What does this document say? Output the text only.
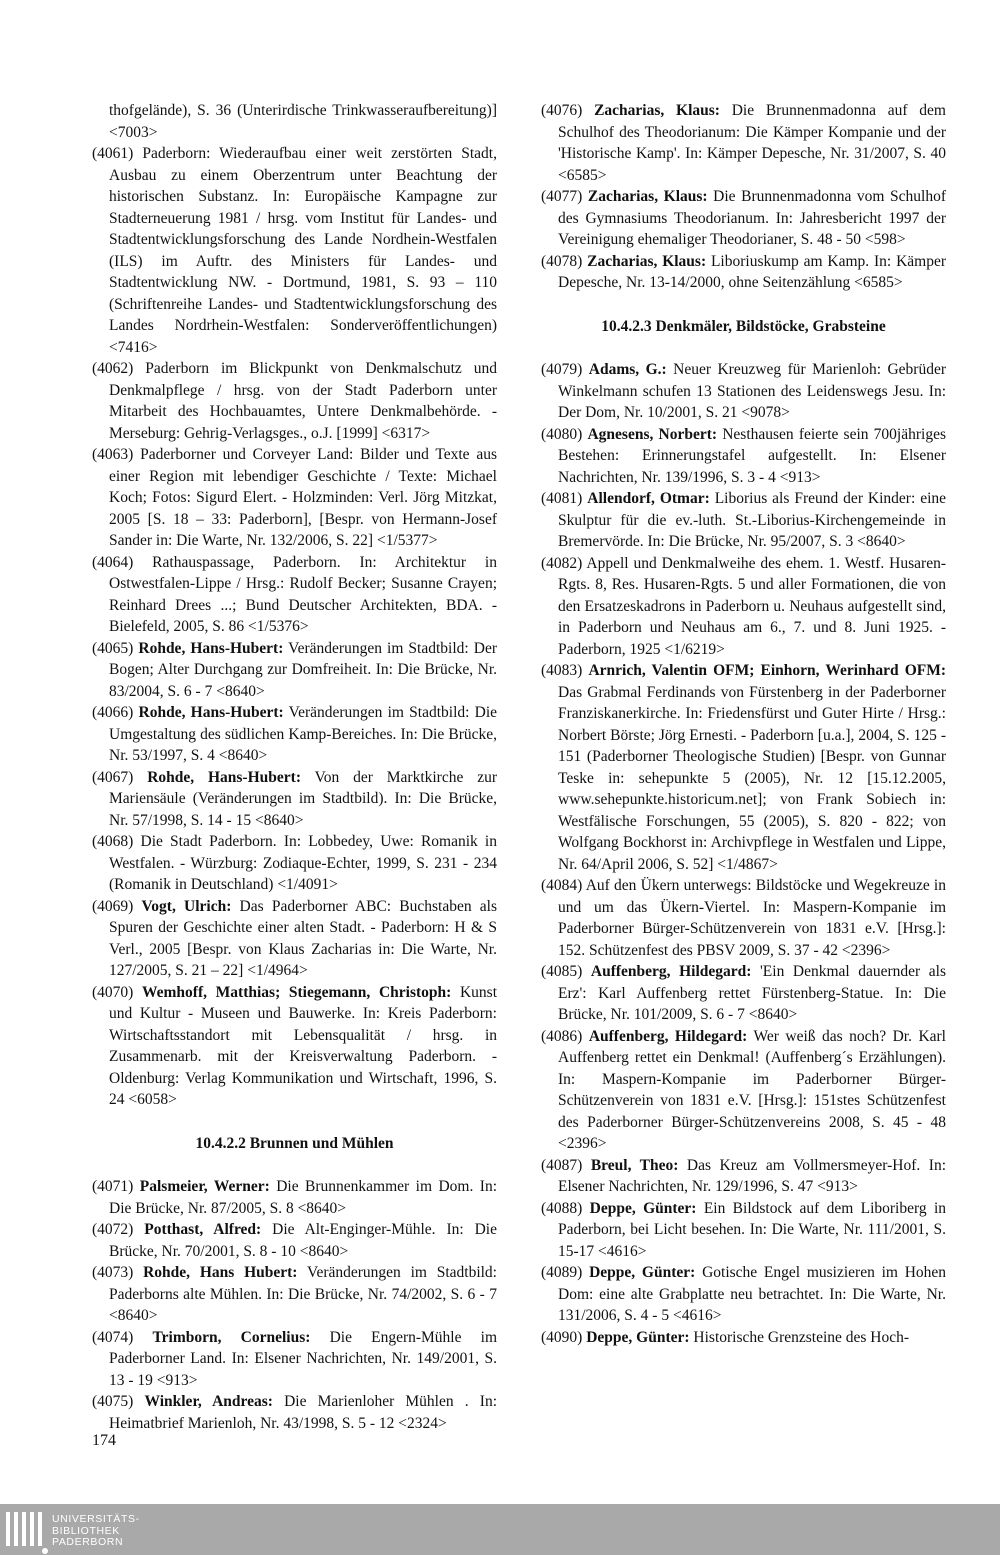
thofgelände), S. 36 (Unterirdische Trinkwasseraufbereitung)] <7003>

(4061) Paderborn: Wiederaufbau einer weit zerstörten Stadt, Ausbau zu einem Oberzentrum unter Beachtung der historischen Substanz. In: Europäische Kampagne zur Stadterneuerung 1981 / hrsg. vom Institut für Landes- und Stadtentwicklungsforschung des Lande Nordhein-Westfalen (ILS) im Auftr. des Ministers für Landes- und Stadtentwicklung NW. - Dortmund, 1981, S. 93 – 110 (Schriftenreihe Landes- und Stadtentwicklungsforschung des Landes Nordrhein-Westfalen: Sonderveröffentlichungen) <7416>

(4062) Paderborn im Blickpunkt von Denkmalschutz und Denkmalpflege / hrsg. von der Stadt Paderborn unter Mitarbeit des Hochbauamtes, Untere Denkmalbehörde. - Merseburg: Gehrig-Verlagsges., o.J. [1999] <6317>

(4063) Paderborner und Corveyer Land: Bilder und Texte aus einer Region mit lebendiger Geschichte / Texte: Michael Koch; Fotos: Sigurd Elert. - Holzminden: Verl. Jörg Mitzkat, 2005 [S. 18 – 33: Paderborn], [Bespr. von Hermann-Josef Sander in: Die Warte, Nr. 132/2006, S. 22] <1/5377>

(4064) Rathauspassage, Paderborn. In: Architektur in Ostwestfalen-Lippe / Hrsg.: Rudolf Becker; Susanne Crayen; Reinhard Drees ...; Bund Deutscher Architekten, BDA. - Bielefeld, 2005, S. 86 <1/5376>

(4065) Rohde, Hans-Hubert: Veränderungen im Stadtbild: Der Bogen; Alter Durchgang zur Domfreiheit. In: Die Brücke, Nr. 83/2004, S. 6 - 7 <8640>

(4066) Rohde, Hans-Hubert: Veränderungen im Stadtbild: Die Umgestaltung des südlichen Kamp-Bereiches. In: Die Brücke, Nr. 53/1997, S. 4 <8640>

(4067) Rohde, Hans-Hubert: Von der Marktkirche zur Mariensäule (Veränderungen im Stadtbild). In: Die Brücke, Nr. 57/1998, S. 14 - 15 <8640>

(4068) Die Stadt Paderborn. In: Lobbedey, Uwe: Romanik in Westfalen. - Würzburg: Zodiaque-Echter, 1999, S. 231 - 234 (Romanik in Deutschland) <1/4091>

(4069) Vogt, Ulrich: Das Paderborner ABC: Buchstaben als Spuren der Geschichte einer alten Stadt. - Paderborn: H & S Verl., 2005 [Bespr. von Klaus Zacharias in: Die Warte, Nr. 127/2005, S. 21 – 22] <1/4964>

(4070) Wemhoff, Matthias; Stiegemann, Christoph: Kunst und Kultur - Museen und Bauwerke. In: Kreis Paderborn: Wirtschaftsstandort mit Lebensqualität / hrsg. in Zusammenarb. mit der Kreisverwaltung Paderborn. - Oldenburg: Verlag Kommunikation und Wirtschaft, 1996, S. 24 <6058>

10.4.2.2 Brunnen und Mühlen

(4071) Palsmeier, Werner: Die Brunnenkammer im Dom. In: Die Brücke, Nr. 87/2005, S. 8 <8640>

(4072) Potthast, Alfred: Die Alt-Enginger-Mühle. In: Die Brücke, Nr. 70/2001, S. 8 - 10 <8640>

(4073) Rohde, Hans Hubert: Veränderungen im Stadtbild: Paderborns alte Mühlen. In: Die Brücke, Nr. 74/2002, S. 6 - 7 <8640>

(4074) Trimborn, Cornelius: Die Engern-Mühle im Paderborner Land. In: Elsener Nachrichten, Nr. 149/2001, S. 13 - 19 <913>

(4075) Winkler, Andreas: Die Marienloher Mühlen . In: Heimatbrief Marienloh, Nr. 43/1998, S. 5 - 12 <2324>

(4076) Zacharias, Klaus: Die Brunnenmadonna auf dem Schulhof des Theodorianum: Die Kämper Kompanie und der 'Historische Kamp'. In: Kämper Depesche, Nr. 31/2007, S. 40 <6585>

(4077) Zacharias, Klaus: Die Brunnenmadonna vom Schulhof des Gymnasiums Theodorianum. In: Jahresbericht 1997 der Vereinigung ehemaliger Theodorianer, S. 48 - 50 <598>

(4078) Zacharias, Klaus: Liboriuskump am Kamp. In: Kämper Depesche, Nr. 13-14/2000, ohne Seitenzählung <6585>

10.4.2.3 Denkmäler, Bildstöcke, Grabsteine

(4079) Adams, G.: Neuer Kreuzweg für Marienloh: Gebrüder Winkelmann schufen 13 Stationen des Leidenswegs Jesu. In: Der Dom, Nr. 10/2001, S. 21 <9078>

(4080) Agnesens, Norbert: Nesthausen feierte sein 700jähriges Bestehen: Erinnerungstafel aufgestellt. In: Elsener Nachrichten, Nr. 139/1996, S. 3 - 4 <913>

(4081) Allendorf, Otmar: Liborius als Freund der Kinder: eine Skulptur für die ev.-luth. St.-Liborius-Kirchengemeinde in Bremervörde. In: Die Brücke, Nr. 95/2007, S. 3 <8640>

(4082) Appell und Denkmalweihe des ehem. 1. Westf. Husaren-Rgts. 8, Res. Husaren-Rgts. 5 und aller Formationen, die von den Ersatzeskadrons in Paderborn u. Neuhaus aufgestellt sind, in Paderborn und Neuhaus am 6., 7. und 8. Juni 1925. - Paderborn, 1925 <1/6219>

(4083) Arnrich, Valentin OFM; Einhorn, Werinhard OFM: Das Grabmal Ferdinands von Fürstenberg in der Paderborner Franziskanerkirche. In: Friedensfürst und Guter Hirte / Hrsg.: Norbert Börste; Jörg Ernesti. - Paderborn [u.a.], 2004, S. 125 - 151 (Paderborner Theologische Studien) [Bespr. von Gunnar Teske in: sehepunkte 5 (2005), Nr. 12 [15.12.2005, www.sehepunkte.historicum.net]; von Frank Sobiech in: Westfälische Forschungen, 55 (2005), S. 820 - 822; von Wolfgang Bockhorst in: Archivpflege in Westfalen und Lippe, Nr. 64/April 2006, S. 52] <1/4867>

(4084) Auf den Ükern unterwegs: Bildstöcke und Wegekreuze in und um das Ükern-Viertel. In: Maspern-Kompanie im Paderborner Bürger-Schützenverein von 1831 e.V. [Hrsg.]: 152. Schützenfest des PBSV 2009, S. 37 - 42 <2396>

(4085) Auffenberg, Hildegard: 'Ein Denkmal dauernder als Erz': Karl Auffenberg rettet Fürstenberg-Statue. In: Die Brücke, Nr. 101/2009, S. 6 - 7 <8640>

(4086) Auffenberg, Hildegard: Wer weiß das noch? Dr. Karl Auffenberg rettet ein Denkmal! (Auffenberg´s Erzählungen). In: Maspern-Kompanie im Paderborner Bürger-Schützenverein von 1831 e.V. [Hrsg.]: 151stes Schützenfest des Paderborner Bürger-Schützenvereins 2008, S. 45 - 48 <2396>

(4087) Breul, Theo: Das Kreuz am Vollmersmeyer-Hof. In: Elsener Nachrichten, Nr. 129/1996, S. 47 <913>

(4088) Deppe, Günter: Ein Bildstock auf dem Liboriberg in Paderborn, bei Licht besehen. In: Die Warte, Nr. 111/2001, S. 15-17 <4616>

(4089) Deppe, Günter: Gotische Engel musizieren im Hohen Dom: eine alte Grabplatte neu betrachtet. In: Die Warte, Nr. 131/2006, S. 4 - 5 <4616>

(4090) Deppe, Günter: Historische Grenzsteine des Hoch-

174
UNIVERSITÄTS-
BIBLIOTHEK
PADERBORN
